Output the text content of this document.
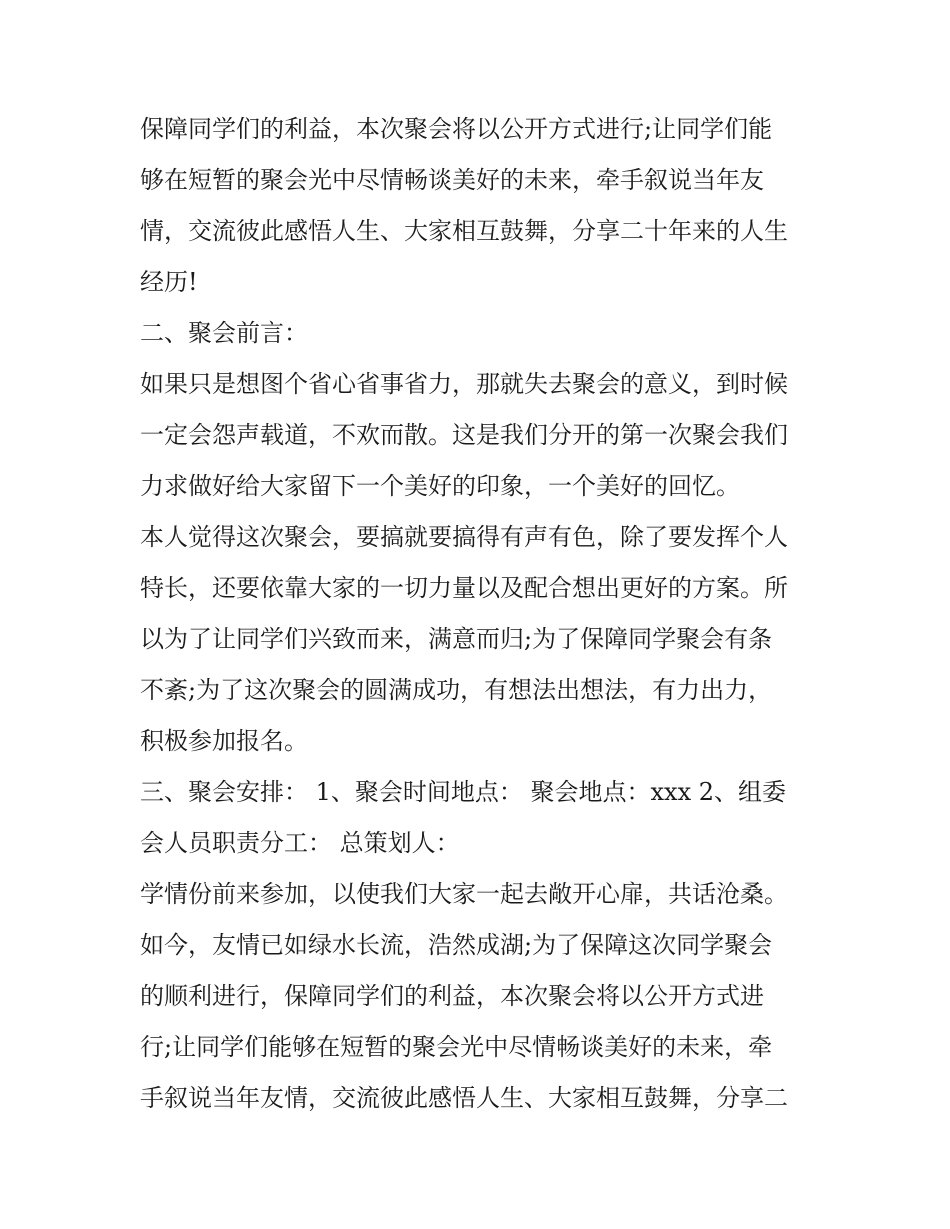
保障同学们的利益，本次聚会将以公开方式进行;让同学们能
够在短暂的聚会光中尽情畅谈美好的未来，牵手叙说当年友
情，交流彼此感悟人生、大家相互鼓舞，分享二十年来的人生
经历!
二、聚会前言：
如果只是想图个省心省事省力，那就失去聚会的意义，到时候
一定会怨声载道，不欢而散。这是我们分开的第一次聚会我们
力求做好给大家留下一个美好的印象，一个美好的回忆。
本人觉得这次聚会，要搞就要搞得有声有色，除了要发挥个人
特长，还要依靠大家的一切力量以及配合想出更好的方案。所
以为了让同学们兴致而来，满意而归;为了保障同学聚会有条
不紊;为了这次聚会的圆满成功，有想法出想法，有力出力，
积极参加报名。
三、聚会安排： 1、聚会时间地点： 聚会地点：xxx 2、组委
会人员职责分工： 总策划人：
学情份前来参加，以使我们大家一起去敞开心扉，共话沧桑。
如今，友情已如绿水长流，浩然成湖;为了保障这次同学聚会
的顺利进行，保障同学们的利益，本次聚会将以公开方式进
行;让同学们能够在短暂的聚会光中尽情畅谈美好的未来，牵
手叙说当年友情，交流彼此感悟人生、大家相互鼓舞，分享二
